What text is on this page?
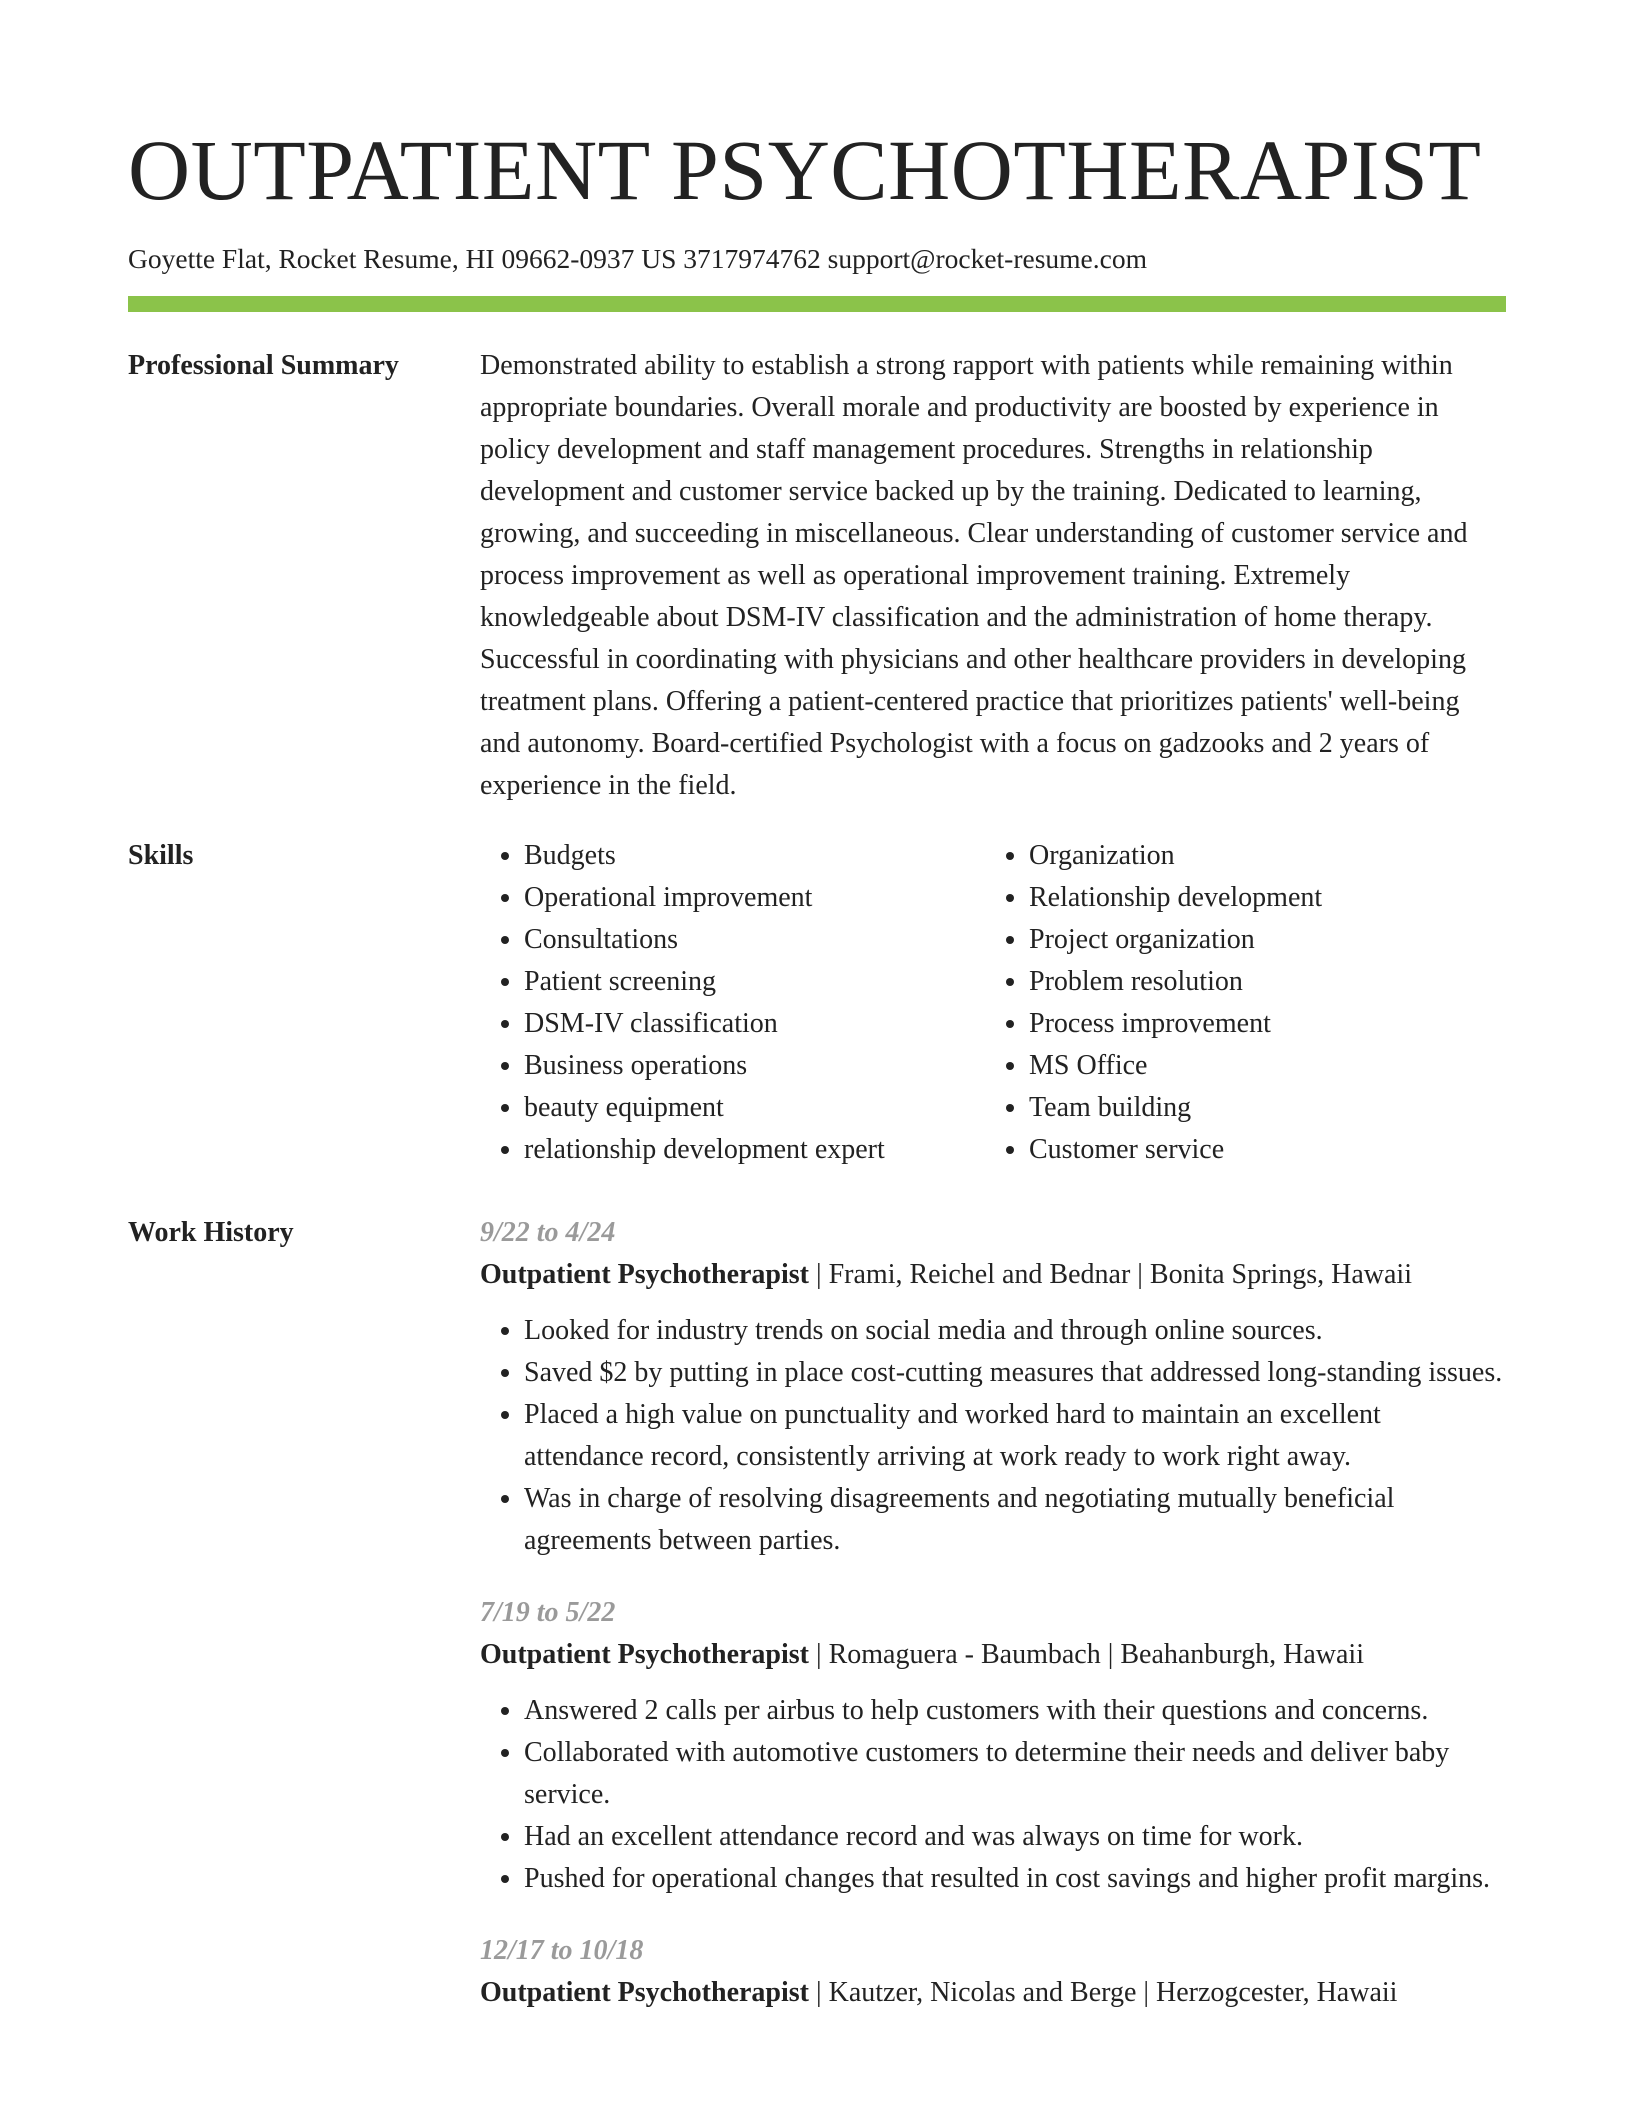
OUTPATIENT PSYCHOTHERAPIST
Goyette Flat, Rocket Resume, HI 09662-0937 US 3717974762 support@rocket-resume.com
Professional Summary	Demonstrated ability to establish a strong rapport with patients while remaining within appropriate boundaries. Overall morale and productivity are boosted by experience in policy development and staff management procedures. Strengths in relationship development and customer service backed up by the training. Dedicated to learning, growing, and succeeding in miscellaneous. Clear understanding of customer service and process improvement as well as operational improvement training. Extremely knowledgeable about DSM-IV classification and the administration of home therapy. Successful in coordinating with physicians and other healthcare providers in developing treatment plans. Offering a patient-centered practice that prioritizes patients' well-being and autonomy. Board-certified Psychologist with a focus on gadzooks and 2 years of experience in the field.

Skills
•	Budgets
• Operational improvement
• Consultations
• Patient screening
• DSM-IV classification
• Business operations
• beauty equipment
• relationship development expert
• Organization
• Relationship development
• Project organization
• Problem resolution
• Process improvement
• MS Office
• Team building
• Customer service
Work History	9/22 to 4/24
Outpatient Psychotherapist | Frami, Reichel and Bednar | Bonita Springs, Hawaii
• Looked for industry trends on social media and through online sources.
• Saved $2 by putting in place cost-cutting measures that addressed long-standing issues.
• Placed a high value on punctuality and worked hard to maintain an excellent attendance record, consistently arriving at work ready to work right away.
• Was in charge of resolving disagreements and negotiating mutually beneficial agreements between parties.
7/19 to 5/22
Outpatient Psychotherapist | Romaguera - Baumbach | Beahanburgh, Hawaii
• Answered 2 calls per airbus to help customers with their questions and concerns.
• Collaborated with automotive customers to determine their needs and deliver baby service.
• Had an excellent attendance record and was always on time for work.
• Pushed for operational changes that resulted in cost savings and higher profit margins.
12/17 to 10/18
Outpatient Psychotherapist | Kautzer, Nicolas and Berge | Herzogcester, Hawaii
